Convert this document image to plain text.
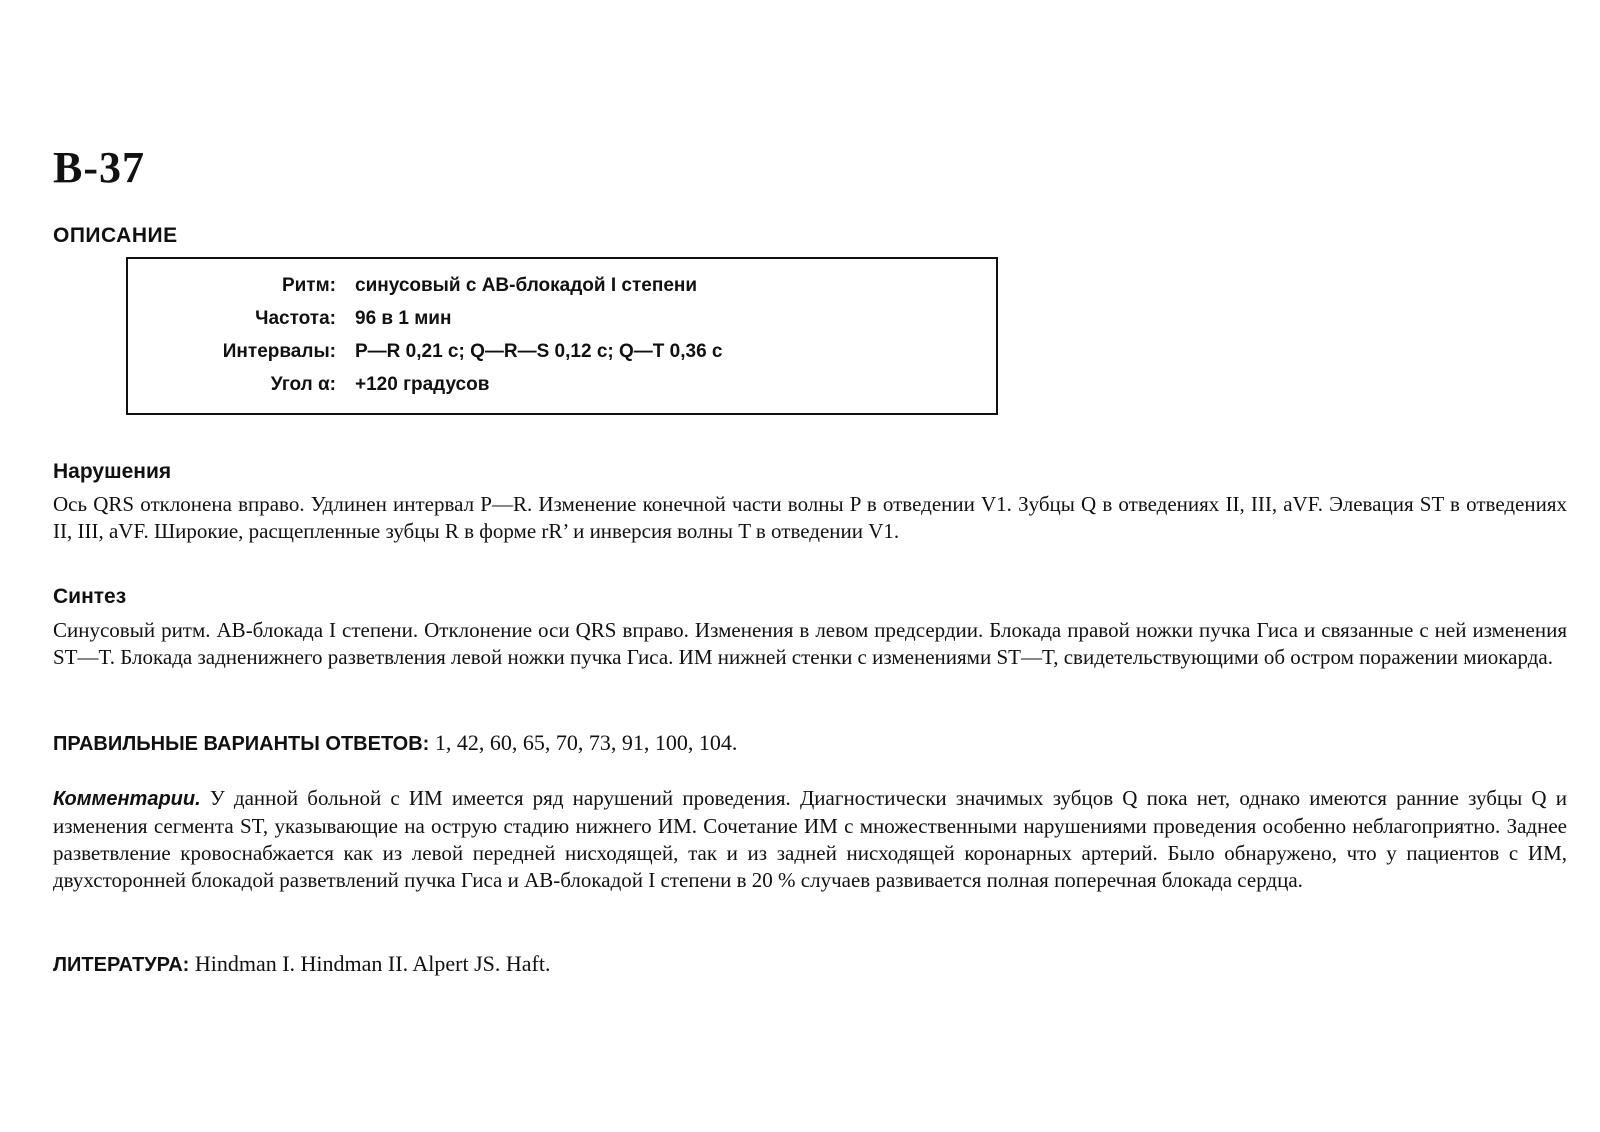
В-37
ОПИСАНИЕ
Ритм: синусовый с АВ-блокадой I степени
Частота: 96 в 1 мин
Интервалы: P—R 0,21 с; Q—R—S 0,12 с; Q—T 0,36 с
Угол α: +120 градусов
Нарушения

Ось QRS отклонена вправо. Удлинен интервал P—R. Изменение конечной части волны P в отведении V1. Зубцы Q в отведениях II, III, aVF. Элевация ST в отведениях II, III, aVF. Широкие, расщепленные зубцы R в форме rR’ и инверсия волны T в отведении V1.

Синтез

Синусовый ритм. АВ-блокада I степени. Отклонение оси QRS вправо. Изменения в левом предсердии. Блокада правой ножки пучка Гиса и связанные с ней изменения ST—T. Блокада задненижнего разветвления левой ножки пучка Гиса. ИМ нижней стенки с изменениями ST—T, свидетельствующими об остром поражении миокарда.

ПРАВИЛЬНЫЕ ВАРИАНТЫ ОТВЕТОВ: 1, 42, 60, 65, 70, 73, 91, 100, 104.

Комментарии. У данной больной с ИМ имеется ряд нарушений проведения. Диагностически значимых зубцов Q пока нет, однако имеются ранние зубцы Q и изменения сегмента ST, указывающие на острую стадию нижнего ИМ. Сочетание ИМ с множественными нарушениями проведения особенно неблагоприятно. Заднее разветвление кровоснабжается как из левой передней нисходящей, так и из задней нисходящей коронарных артерий. Было обнаружено, что у пациентов с ИМ, двухсторонней блокадой разветвлений пучка Гиса и АВ-блокадой I степени в 20 % случаев развивается полная поперечная блокада сердца.

ЛИТЕРАТУРА: Hindman I. Hindman II. Alpert JS. Haft.
